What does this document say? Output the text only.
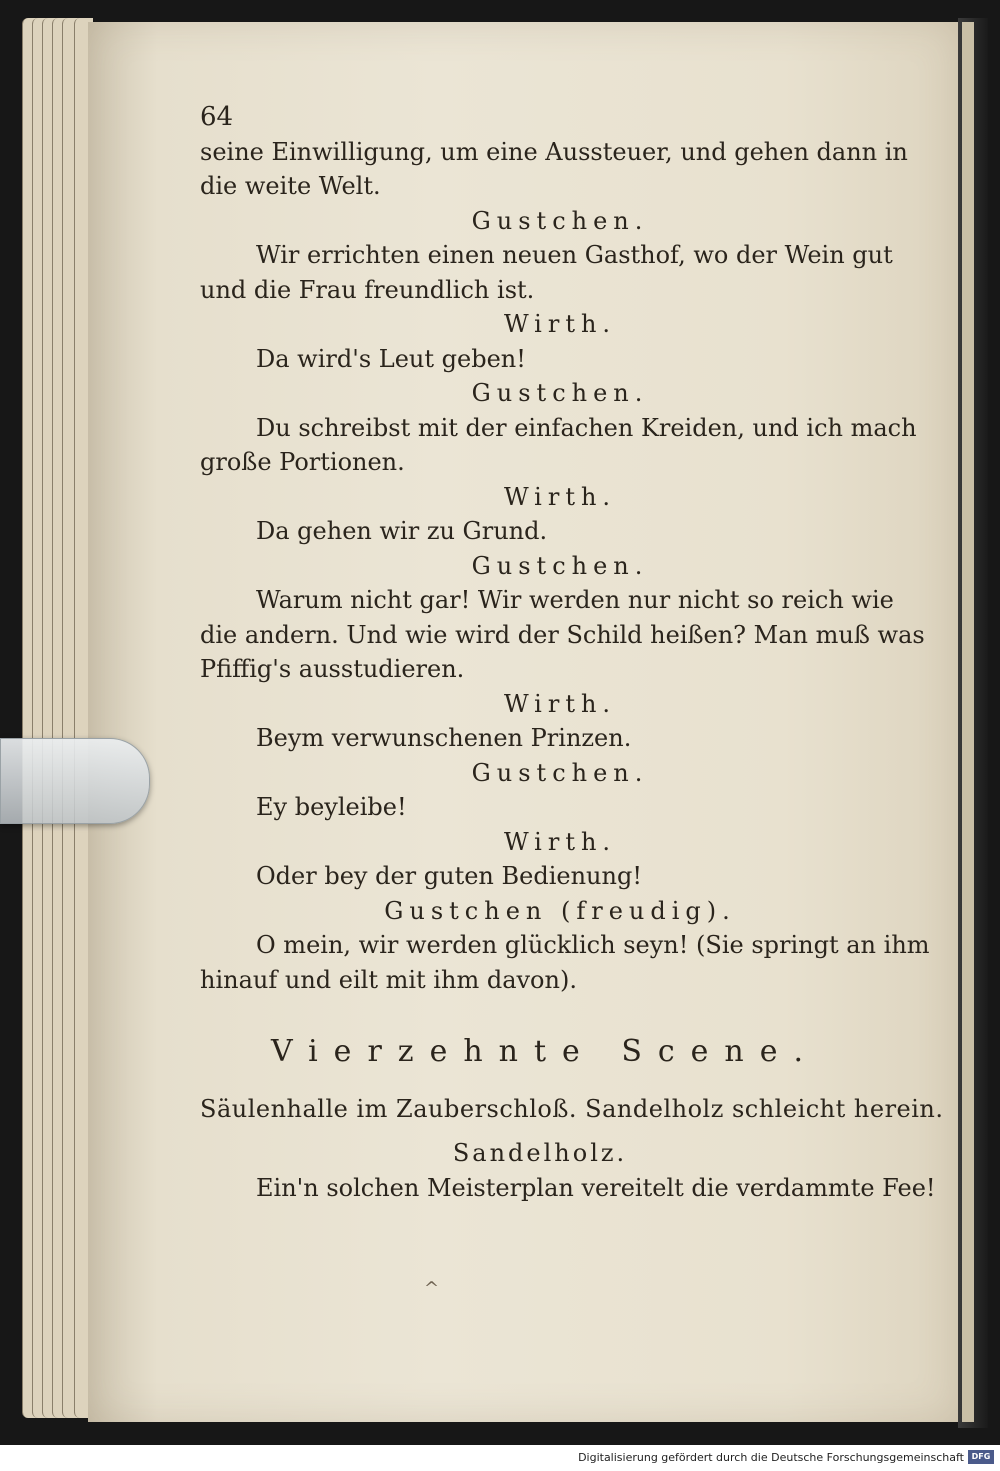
64

seine Einwilligung, um eine Aussteuer, und gehen dann in

die weite Welt.

Gustchen.

Wir errichten einen neuen Gasthof, wo der Wein gut

und die Frau freundlich ist.

Wirth.

Da wird's Leut geben!

Gustchen.

Du schreibst mit der einfachen Kreiden, und ich mach

große Portionen.

Wirth.

Da gehen wir zu Grund.

Gustchen.

Warum nicht gar! Wir werden nur nicht so reich wie

die andern. Und wie wird der Schild heißen? Man muß was

Pfiffig's ausstudieren.

Wirth.

Beym verwunschenen Prinzen.

Gustchen.

Ey beyleibe!

Wirth.

Oder bey der guten Bedienung!

Gustchen (freudig).

O mein, wir werden glücklich seyn! (Sie springt an ihm

hinauf und eilt mit ihm davon).

Vierzehnte Scene.

Säulenhalle im Zauberschloß. Sandelholz schleicht herein.

Sandelholz.

Ein'n solchen Meisterplan vereitelt die verdammte Fee!

^
Digitalisierung gefördert durch die Deutsche Forschungsgemeinschaft DFG
